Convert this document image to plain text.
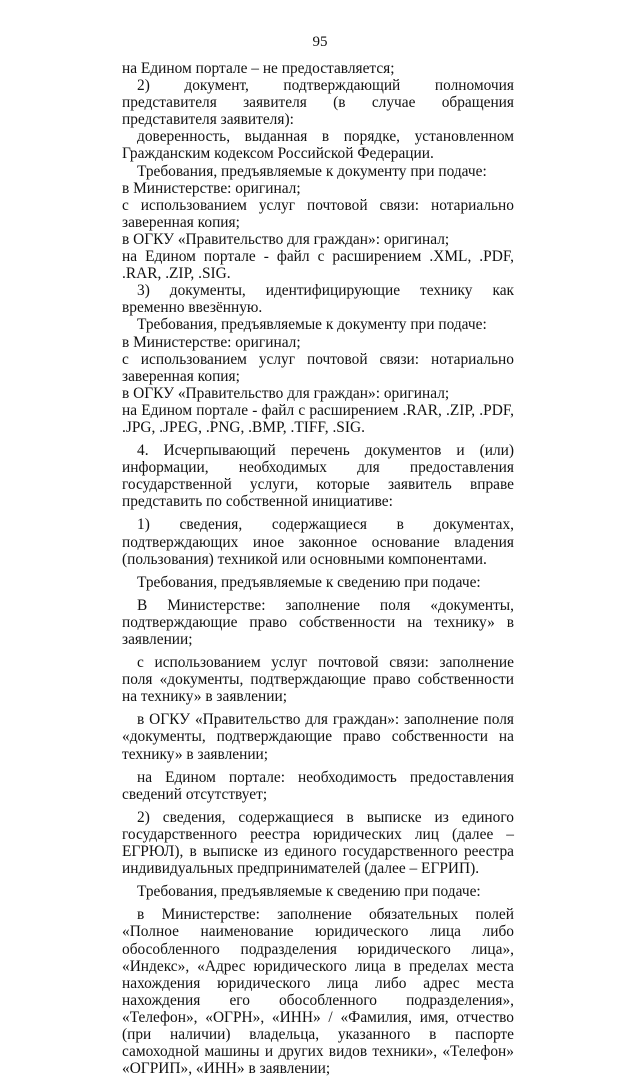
95

на Едином портале – не предоставляется;

2) документ, подтверждающий полномочия представителя заявителя (в случае обращения представителя заявителя):

доверенность, выданная в порядке, установленном Гражданским кодексом Российской Федерации.

Требования, предъявляемые к документу при подаче:

в Министерстве: оригинал;

с использованием услуг почтовой связи: нотариально заверенная копия;

в ОГКУ «Правительство для граждан»: оригинал;

на Едином портале - файл с расширением .XML, .PDF, .RAR, .ZIP, .SIG.

3) документы, идентифицирующие технику как временно ввезённую.

Требования, предъявляемые к документу при подаче:

в Министерстве: оригинал;

с использованием услуг почтовой связи: нотариально заверенная копия;

в ОГКУ «Правительство для граждан»: оригинал;

на Едином портале - файл с расширением .RAR, .ZIP, .PDF, .JPG, .JPEG, .PNG, .BMP, .TIFF, .SIG.

4. Исчерпывающий перечень документов и (или) информации, необходимых для предоставления государственной услуги, которые заявитель вправе представить по собственной инициативе:

1) сведения, содержащиеся в документах, подтверждающих иное законное основание владения (пользования) техникой или основными компонентами.

Требования, предъявляемые к сведению при подаче:

В Министерстве: заполнение поля «документы, подтверждающие право собственности на технику» в заявлении;

с использованием услуг почтовой связи: заполнение поля «документы, подтверждающие право собственности на технику» в заявлении;

в ОГКУ «Правительство для граждан»: заполнение поля «документы, подтверждающие право собственности на технику» в заявлении;

на Едином портале: необходимость предоставления сведений отсутствует;

2) сведения, содержащиеся в выписке из единого государственного реестра юридических лиц (далее – ЕГРЮЛ), в выписке из единого государственного реестра индивидуальных предпринимателей (далее – ЕГРИП).

Требования, предъявляемые к сведению при подаче:

в Министерстве: заполнение обязательных полей «Полное наименование юридического лица либо обособленного подразделения юридического лица», «Индекс», «Адрес юридического лица в пределах места нахождения юридического лица либо адрес места нахождения его обособленного подразделения», «Телефон», «ОГРН», «ИНН» / «Фамилия, имя, отчество (при наличии) владельца, указанного в паспорте самоходной машины и других видов техники», «Телефон» «ОГРИП», «ИНН» в заявлении;
